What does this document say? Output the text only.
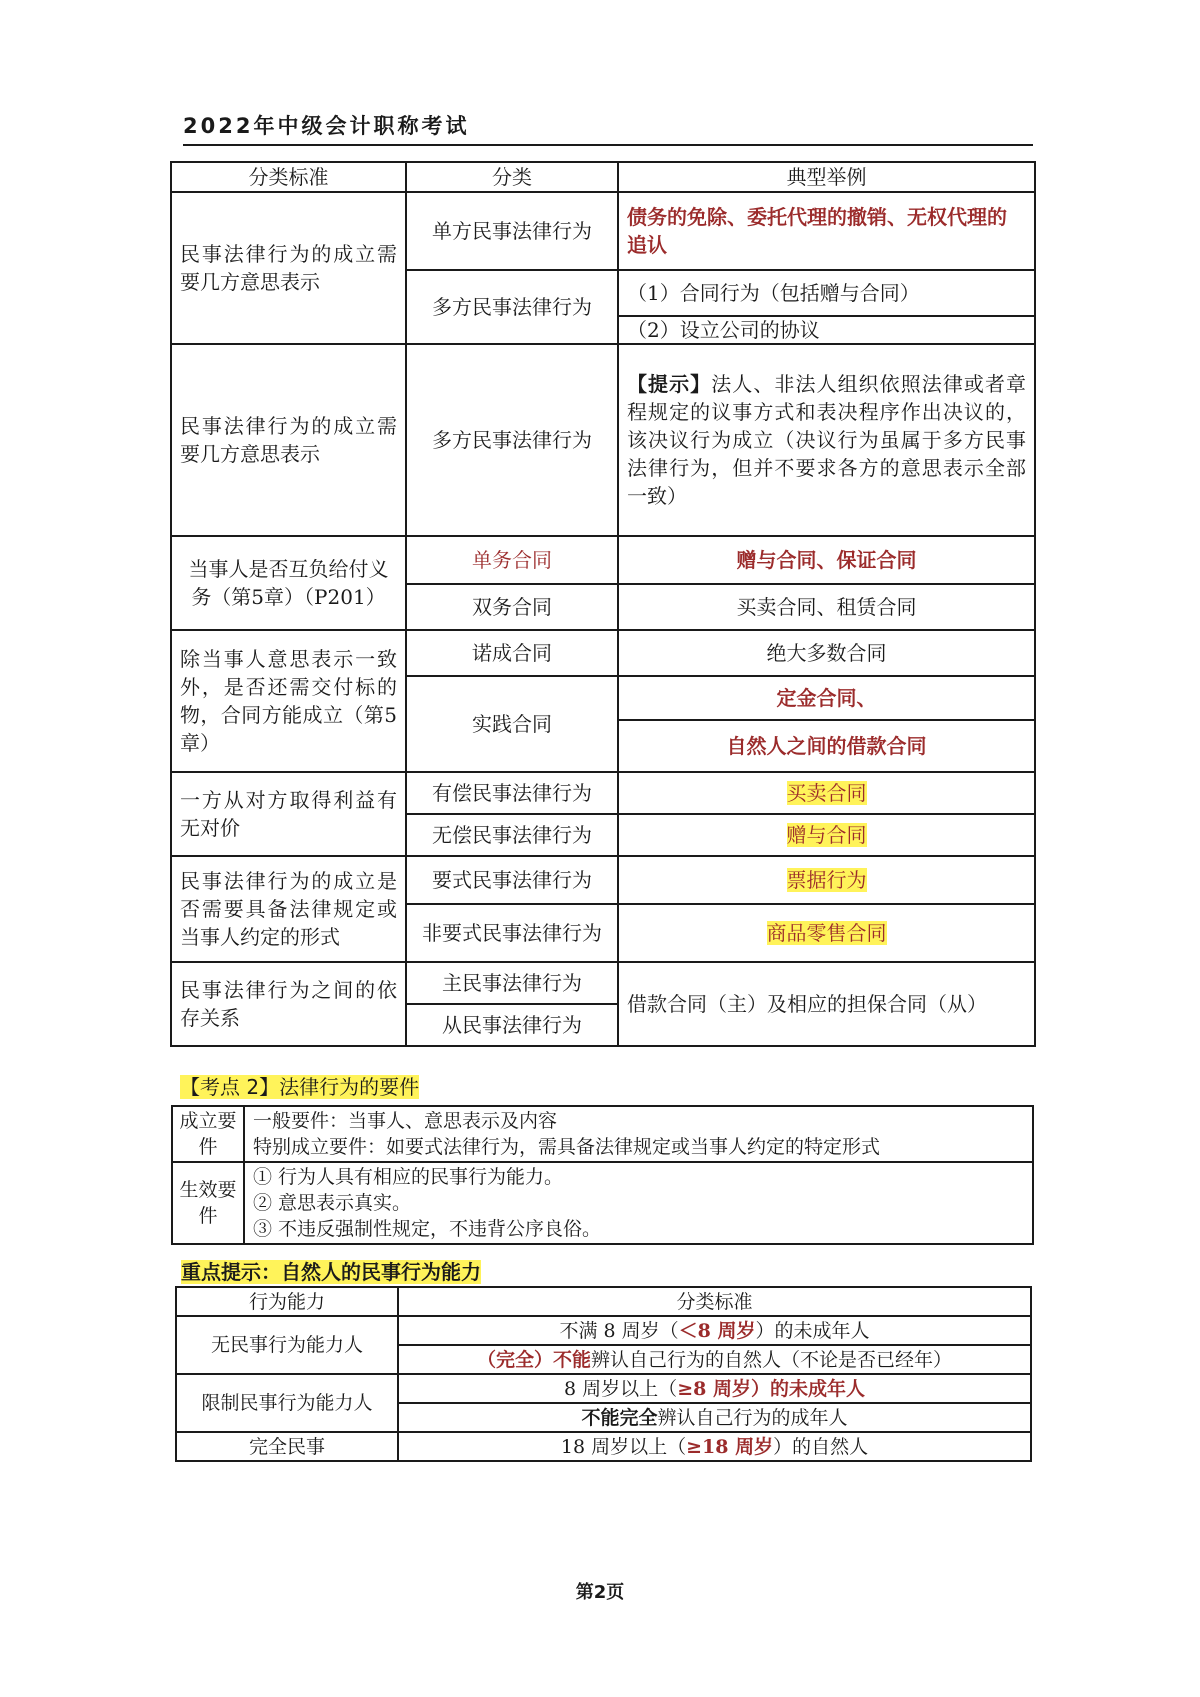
2022年中级会计职称考试
分类标准	分类	典型举例
民事法律行为的成立需要几方意思表示	单方民事法律行为	债务的免除、委托代理的撤销、无权代理的追认
	多方民事法律行为	（1）合同行为（包括赠与合同）
		（2）设立公司的协议
民事法律行为的成立需要几方意思表示	多方民事法律行为	【提示】法人、非法人组织依照法律或者章程规定的议事方式和表决程序作出决议的，该决议行为成立（决议行为虽属于多方民事法律行为，但并不要求各方的意思表示全部一致）
当事人是否互负给付义务（第5章）（P201）	单务合同	赠与合同、保证合同
	双务合同	买卖合同、租赁合同
除当事人意思表示一致外，是否还需交付标的物，合同方能成立（第5章）	诺成合同	绝大多数合同
	实践合同	定金合同、
		自然人之间的借款合同
一方从对方取得利益有无对价	有偿民事法律行为	买卖合同
	无偿民事法律行为	赠与合同
民事法律行为的成立是否需要具备法律规定或当事人约定的形式	要式民事法律行为	票据行为
	非要式民事法律行为	商品零售合同
民事法律行为之间的依存关系	主民事法律行为	借款合同（主）及相应的担保合同（从）
	从民事法律行为	
【考点 2】法律行为的要件
成立要件	一般要件：当事人、意思表示及内容
特别成立要件：如要式法律行为，需具备法律规定或当事人约定的特定形式

生效要件	① 行为人具有相应的民事行为能力。
② 意思表示真实。
③ 不违反强制性规定，不违背公序良俗。
重点提示：自然人的民事行为能力
行为能力	分类标准
无民事行为能力人	不满 8 周岁（＜8 周岁）的未成年人
	（完全）不能辨认自己行为的自然人（不论是否已经年）
限制民事行为能力人	8 周岁以上（≥8 周岁）的未成年人
	不能完全辨认自己行为的成年人
完全民事	18 周岁以上（≥18 周岁）的自然人
第2页
